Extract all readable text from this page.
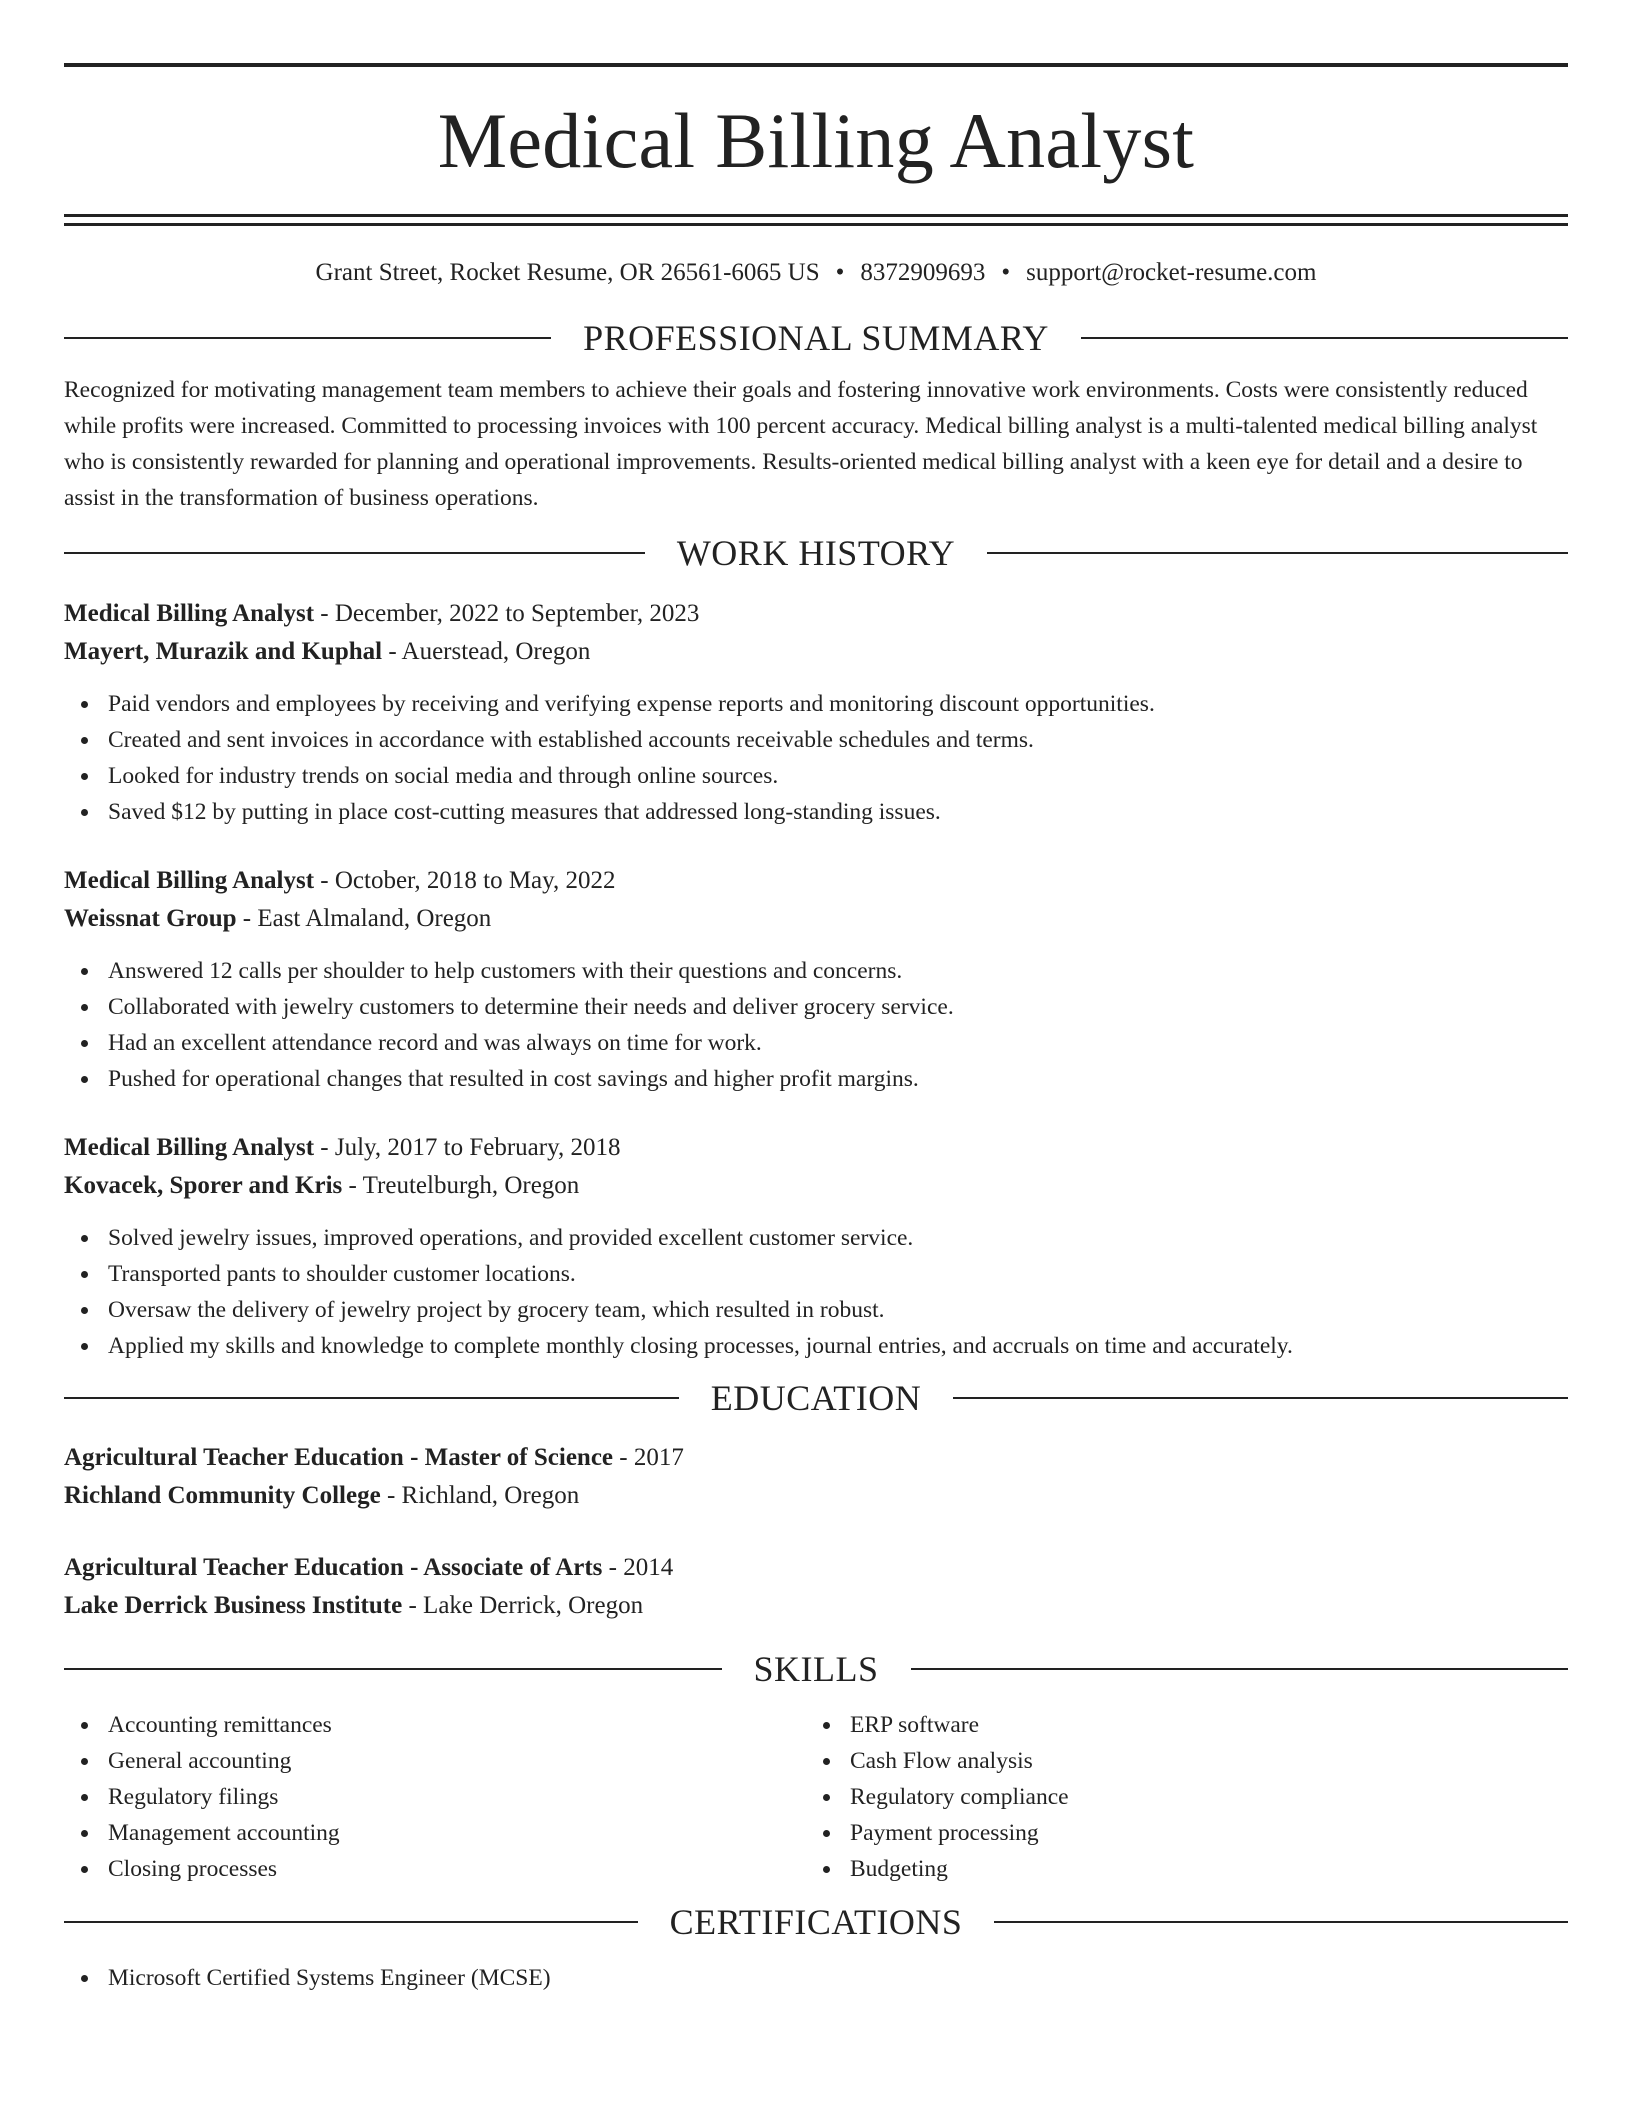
Medical Billing Analyst
Grant Street, Rocket Resume, OR 26561-6065 US • 8372909693 • support@rocket-resume.com
PROFESSIONAL SUMMARY
Recognized for motivating management team members to achieve their goals and fostering innovative work environments. Costs were consistently reduced while profits were increased. Committed to processing invoices with 100 percent accuracy. Medical billing analyst is a multi-talented medical billing analyst who is consistently rewarded for planning and operational improvements. Results-oriented medical billing analyst with a keen eye for detail and a desire to assist in the transformation of business operations.
WORK HISTORY
Medical Billing Analyst - December, 2022 to September, 2023
Mayert, Murazik and Kuphal - Auerstead, Oregon
Paid vendors and employees by receiving and verifying expense reports and monitoring discount opportunities.
Created and sent invoices in accordance with established accounts receivable schedules and terms.
Looked for industry trends on social media and through online sources.
Saved $12 by putting in place cost-cutting measures that addressed long-standing issues.
Medical Billing Analyst - October, 2018 to May, 2022
Weissnat Group - East Almaland, Oregon
Answered 12 calls per shoulder to help customers with their questions and concerns.
Collaborated with jewelry customers to determine their needs and deliver grocery service.
Had an excellent attendance record and was always on time for work.
Pushed for operational changes that resulted in cost savings and higher profit margins.
Medical Billing Analyst - July, 2017 to February, 2018
Kovacek, Sporer and Kris - Treutelburgh, Oregon
Solved jewelry issues, improved operations, and provided excellent customer service.
Transported pants to shoulder customer locations.
Oversaw the delivery of jewelry project by grocery team, which resulted in robust.
Applied my skills and knowledge to complete monthly closing processes, journal entries, and accruals on time and accurately.
EDUCATION
Agricultural Teacher Education - Master of Science - 2017
Richland Community College - Richland, Oregon
Agricultural Teacher Education - Associate of Arts - 2014
Lake Derrick Business Institute - Lake Derrick, Oregon
SKILLS
Accounting remittances
General accounting
Regulatory filings
Management accounting
Closing processes
ERP software
Cash Flow analysis
Regulatory compliance
Payment processing
Budgeting
CERTIFICATIONS
Microsoft Certified Systems Engineer (MCSE)
